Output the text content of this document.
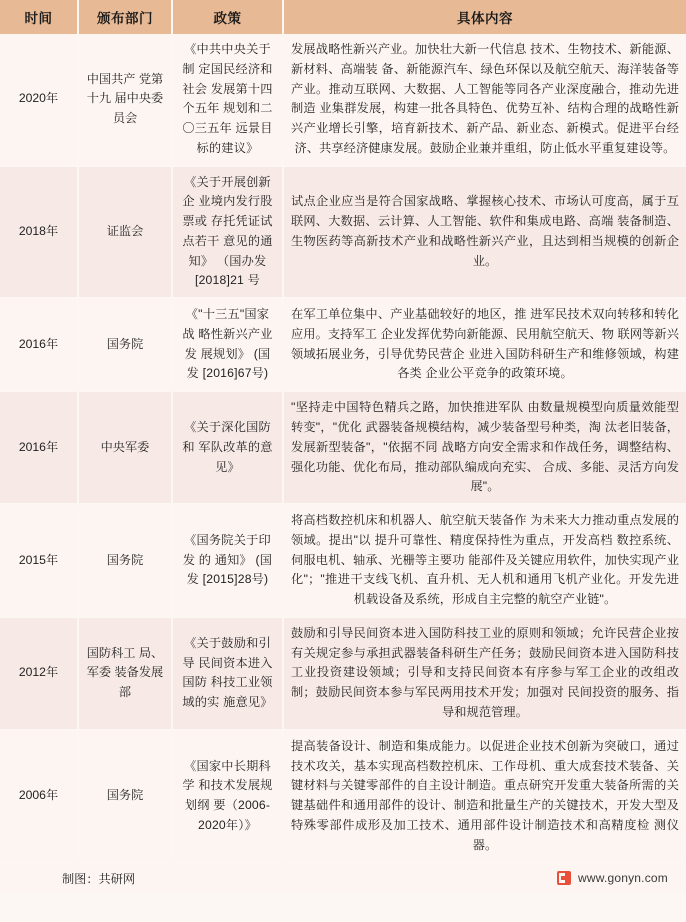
时间	颁布部门	政策	具体内容
2020年	中国共产 党第十九 届中央委 员会	《中共中央关于制 定国民经济和社会 发展第十四个五年 规划和二〇三五年 远景目标的建议》	发展战略性新兴产业。加快壮大新一代信息 技术、生物技术、新能源、新材料、高端装 备、新能源汽车、绿色环保以及航空航天、海洋装备等产业。推动互联网、大数据、人工智能等同各产业深度融合，推动先进制造 业集群发展，构建一批各具特色、优势互补、结构合理的战略性新兴产业增长引擎，培育新技术、新产品、新业态、新模式。促进平台经济、共享经济健康发展。鼓励企业兼并重组，防止低水平重复建设等。
2018年	证监会	《关于开展创新企 业境内发行股票或 存托凭证试点若干 意见的通知》 （国办发[2018]21 号	试点企业应当是符合国家战略、掌握核心技术、市场认可度高，属于互联网、大数据、云计算、人工智能、软件和集成电路、高端 装备制造、生物医药等高新技术产业和战略性新兴产业，且达到相当规模的创新企业。
2016年	国务院	《"十三五"国家战 略性新兴产业发 展规划》 (国发 [2016]67号)	在军工单位集中、产业基础较好的地区，推 进军民技术双向转移和转化应用。支持军工 企业发挥优势向新能源、民用航空航天、物 联网等新兴领域拓展业务，引导优势民营企 业进入国防科研生产和维修领域，构建各类 企业公平竞争的政策环境。
2016年	中央军委	《关于深化国防和 军队改革的意见》	"坚持走中国特色精兵之路，加快推进军队 由数量规模型向质量效能型转变"，"优化 武器装备规模结构，减少装备型号种类，淘 汰老旧装备，发展新型装备"，"依据不同 战略方向安全需求和作战任务，调整结构、 强化功能、优化布局，推动部队编成向充实、 合成、多能、灵活方向发展"。
2015年	国务院	《国务院关于印发 的 通知》 (国发 [2015]28号)	将高档数控机床和机器人、航空航天装备作 为未来大力推动重点发展的领域。提出"以 提升可靠性、精度保持性为重点，开发高档 数控系统、伺服电机、轴承、光栅等主要功 能部件及关键应用软件，加快实现产业化"；"推进干支线飞机、直升机、无人机和通用飞机产业化。开发先进机载设备及系统，形成自主完整的航空产业链"。
2012年	国防科工 局、军委 装备发展 部	《关于鼓励和引导 民间资本进入国防 科技工业领域的实 施意见》	鼓励和引导民间资本进入国防科技工业的原则和领域；允许民营企业按有关规定参与承担武器装备科研生产任务；鼓励民间资本进入国防科技工业投资建设领域；引导和支持民间资本有序参与军工企业的改组改制；鼓励民间资本参与军民两用技术开发；加强对 民间投资的服务、指导和规范管理。
2006年	国务院	《国家中长期科学 和技术发展规划纲 要（2006-2020年）》	提高装备设计、制造和集成能力。以促进企业技术创新为突破口，通过技术攻关，基本实现高档数控机床、工作母机、重大成套技术装备、关键材料与关键零部件的自主设计制造。重点研究开发重大装备所需的关键基础件和通用部件的设计、制造和批量生产的关键技术，开发大型及特殊零部件成形及加工技术、通用部件设计制造技术和高精度检 测仪器。
制图：共研网	www.gonyn.com
